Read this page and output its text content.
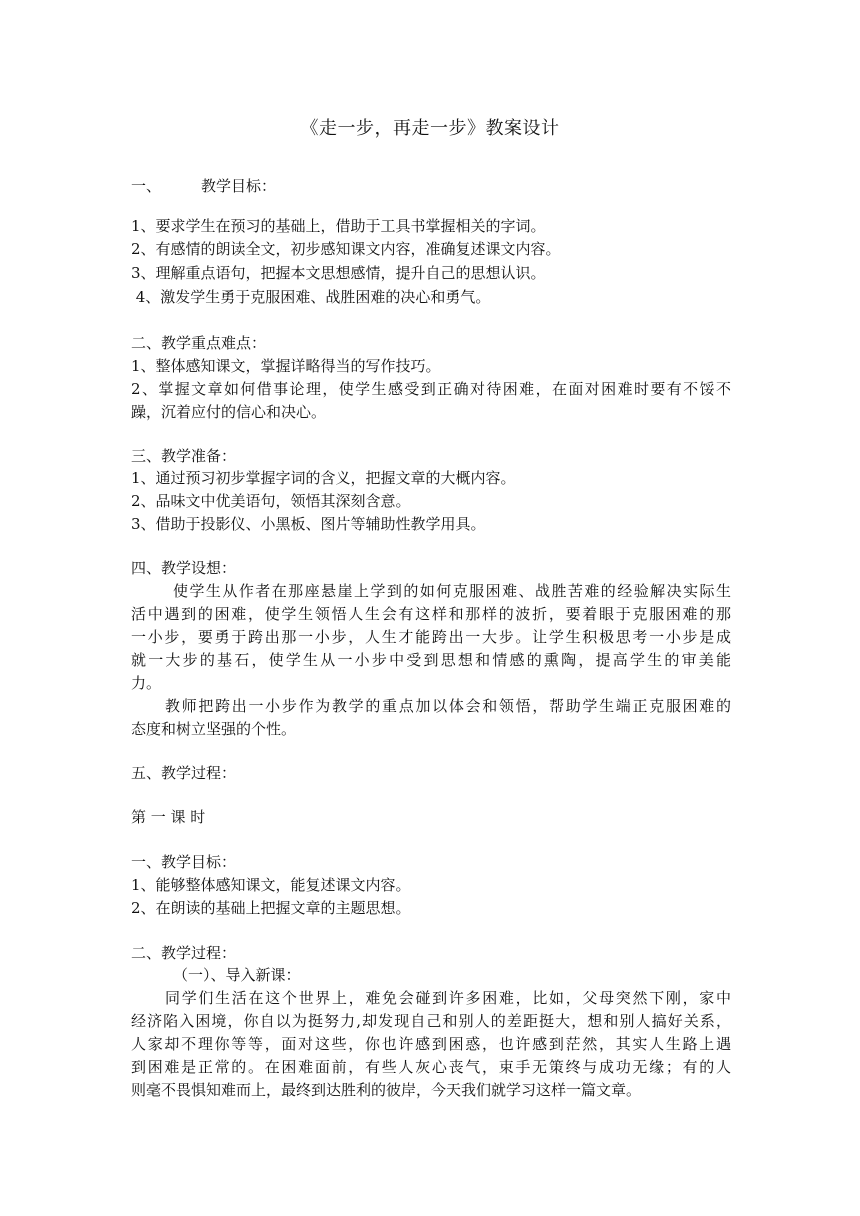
《走一步，再走一步》教案设计
一、	教学目标：
1、要求学生在预习的基础上，借助于工具书掌握相关的字词。
2、有感情的朗读全文，初步感知课文内容，准确复述课文内容。
3、理解重点语句，把握本文思想感情，提升自己的思想认识。
4、激发学生勇于克服困难、战胜困难的决心和勇气。
二、教学重点难点：
1、整体感知课文，掌握详略得当的写作技巧。
2、掌握文章如何借事论理，使学生感受到正确对待困难，在面对困难时要有不馁不
躁，沉着应付的信心和决心。
三、教学准备：
1、通过预习初步掌握字词的含义，把握文章的大概内容。
2、品味文中优美语句，领悟其深刻含意。
3、借助于投影仪、小黑板、图片等辅助性教学用具。
四、教学设想：
使学生从作者在那座悬崖上学到的如何克服困难、战胜苦难的经验解决实际生
活中遇到的困难，使学生领悟人生会有这样和那样的波折，要着眼于克服困难的那
一小步，要勇于跨出那一小步，人生才能跨出一大步。让学生积极思考一小步是成
就一大步的基石，使学生从一小步中受到思想和情感的熏陶，提高学生的审美能
力。
教师把跨出一小步作为教学的重点加以体会和领悟，帮助学生端正克服困难的
态度和树立坚强的个性。
五、教学过程：
第 一 课 时
一、教学目标：
1、能够整体感知课文，能复述课文内容。
2、在朗读的基础上把握文章的主题思想。
二、教学过程：
（一）、导入新课：
同学们生活在这个世界上，难免会碰到许多困难，比如，父母突然下刚，家中
经济陷入困境，你自以为挺努力,却发现自己和别人的差距挺大，想和别人搞好关系，
人家却不理你等等，面对这些，你也许感到困惑，也许感到茫然，其实人生路上遇
到困难是正常的。在困难面前，有些人灰心丧气，束手无策终与成功无缘；有的人
则毫不畏惧知难而上，最终到达胜利的彼岸，今天我们就学习这样一篇文章。
